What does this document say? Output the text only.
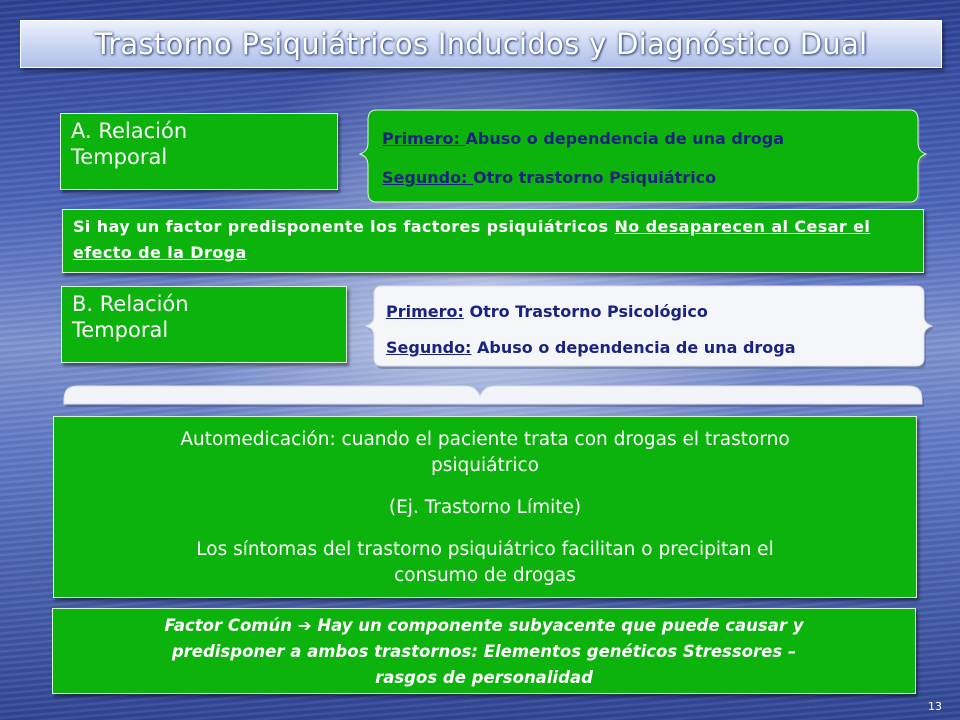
Trastorno Psiquiátricos Inducidos y Diagnóstico Dual
A. Relación
Temporal
Primero: Abuso o dependencia de una droga
Segundo: Otro trastorno Psiquiátrico
Si hay un factor predisponente los factores psiquiátricos No desaparecen al Cesar el efecto de la Droga
B. Relación
Temporal
Primero: Otro Trastorno Psicológico
Segundo: Abuso o dependencia de una droga

Automedicación: cuando el paciente trata con drogas el trastorno

psiquiátrico

(Ej. Trastorno Límite)

Los síntomas del trastorno psiquiátrico facilitan o precipitan el

consumo de drogas

Factor Común ➔ Hay un componente subyacente que puede causar y
predisponer a ambos trastornos: Elementos genéticos Stressores –
rasgos de personalidad
13
